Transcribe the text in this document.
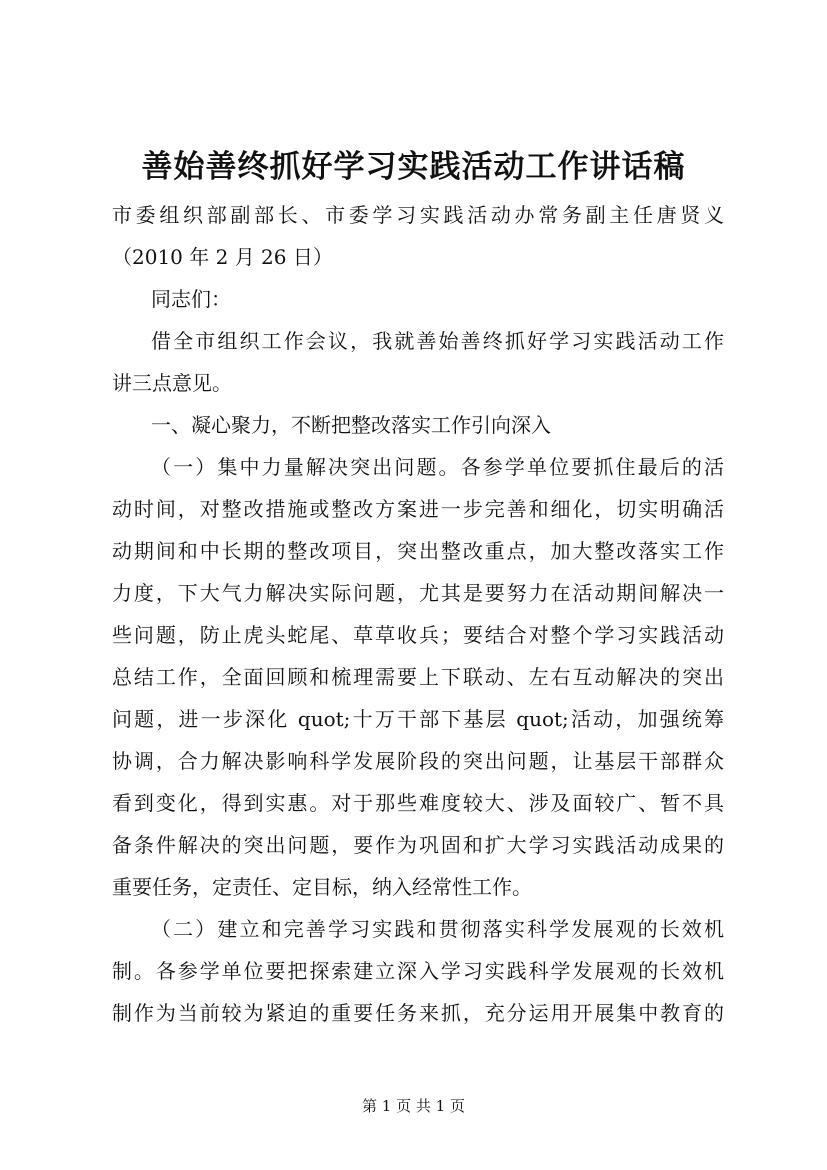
善始善终抓好学习实践活动工作讲话稿
市委组织部副部长、市委学习实践活动办常务副主任唐贤义
（2010 年 2 月 26 日）
同志们：
借全市组织工作会议，我就善始善终抓好学习实践活动工作
讲三点意见。
一、凝心聚力，不断把整改落实工作引向深入
（一）集中力量解决突出问题。各参学单位要抓住最后的活
动时间，对整改措施或整改方案进一步完善和细化，切实明确活
动期间和中长期的整改项目，突出整改重点，加大整改落实工作
力度，下大气力解决实际问题，尤其是要努力在活动期间解决一
些问题，防止虎头蛇尾、草草收兵；要结合对整个学习实践活动
总结工作，全面回顾和梳理需要上下联动、左右互动解决的突出
问题，进一步深化 quot;十万干部下基层 quot;活动，加强统筹
协调，合力解决影响科学发展阶段的突出问题，让基层干部群众
看到变化，得到实惠。对于那些难度较大、涉及面较广、暂不具
备条件解决的突出问题，要作为巩固和扩大学习实践活动成果的
重要任务，定责任、定目标，纳入经常性工作。
（二）建立和完善学习实践和贯彻落实科学发展观的长效机
制。各参学单位要把探索建立深入学习实践科学发展观的长效机
制作为当前较为紧迫的重要任务来抓，充分运用开展集中教育的
第 1 页 共 1 页
